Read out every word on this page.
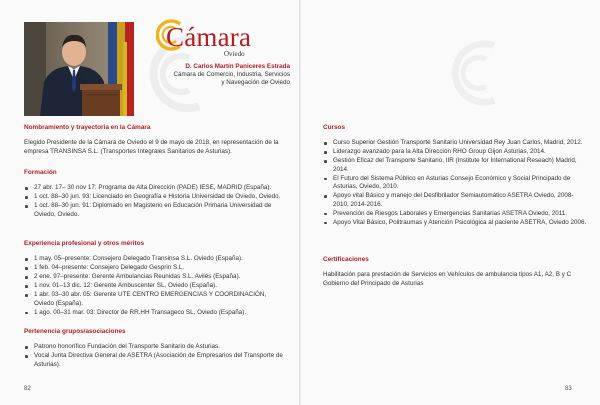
Cámara
Oviedo
D. Carlos Martín Paniceres Estrada
Cámara de Comercio, Industria, Servicios
y Navegación de Oviedo
Nombramiento y trayectoria en la Cámara

Elegido Presidente de la Cámara de Oviedo el 9 de mayo de 2018, en representación de la empresa TRANSINSA S.L. (Transportes Integrales Sanitarios de Asturias).

Formación
27 abr. 17– 30 nov 17: Programa de Alta Dirección (PADE) IESE, MADRID (España).
1 oct. 88–30 jun. 93: Licenciado en Geografía e Historia Universidad de Oviedo, Oviedo.
1 oct. 88–30 jun. 91: Diplomado en Magisterio en Educación Primaria Universidad de Oviedo, Oviedo.
Experiencia profesional y otros méritos
1 may. 05–presente: Consejero Delegado Transinsa S.L. Oviedo (España).
1 feb. 04–presente: Consejero Delegado Gesprin S.L.
2 ene. 97–presente: Gerente Ambulancias Reunidas S.L. Avilés (España).
1 nov. 01–13 dic. 12: Gerente Ambuscenter SL, Oviedo (España).
1 abr. 03–30 abr. 05: Gerente UTE CENTRO EMERGENCIAS Y COORDINACIÓN, Oviedo (España).
1 ago. 00–31 mar. 03: Director de RR.HH Transageco SL, Oviedo (España).
Pertenencia grupos/asociaciones
Patrono honorífico Fundación del Transporte Sanitario de Asturias.
Vocal Junta Directiva General de ASETRA (Asociación de Empresarios del Transporte de Asturias).
82
Cursos
Curso Superior Gestión Transporte Sanitario Universidad Rey Juan Carlos, Madrid, 2012.
Liderazgo avanzado para la Alta Dirección RHO Group Gijon Asturias, 2014.
Gestión Eficaz del Transporte Sanitario, IIR (Institute for International Reseach) Madrid, 2014.
El Futuro del Sistema Público en Asturias Consejo Económico y Social Principado de Asturias, Oviedo, 2010.
Apoyo vital Básico y manejo del Desfibrilador Semiautomático ASETRA Oviedo, 2008-2010, 2014-2016.
Prevención de Riesgos Laborales y Emergencias Sanitarias ASETRA Oviedo, 2011.
Apoyo Vital Básico, Politraumas y Atención Psicológica al paciente ASETRA, Oviedo 2006.
Certificaciones

Habilitación para prestación de Servicios en Vehículos de ambulancia tipos A1, A2, B y C Gobierno del Principado de Asturias

83
